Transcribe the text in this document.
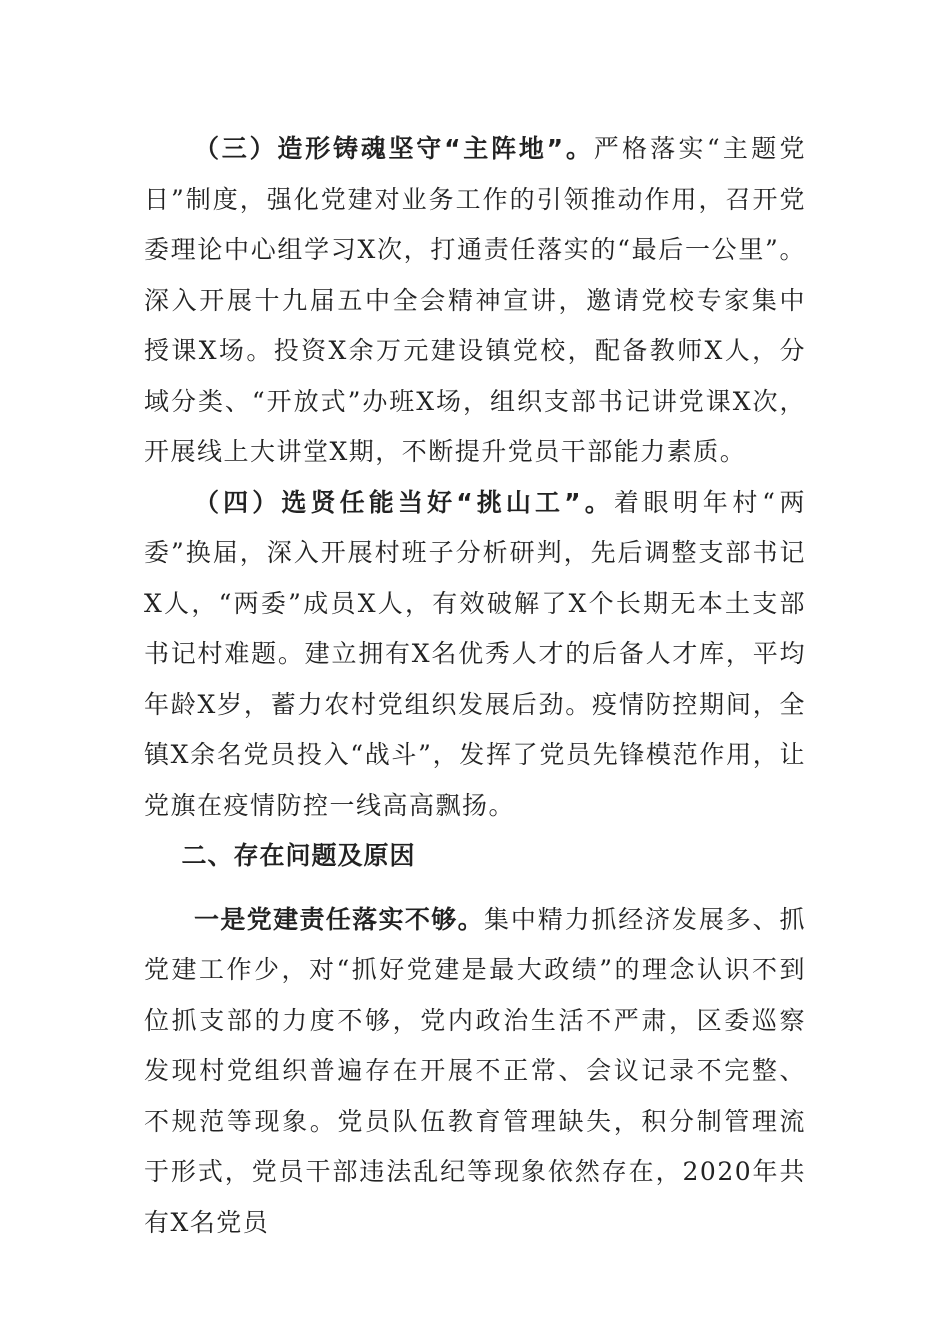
（三）造形铸魂坚守“主阵地”。严格落实“主题党日”制度，强化党建对业务工作的引领推动作用，召开党委理论中心组学习X次，打通责任落实的“最后一公里”。深入开展十九届五中全会精神宣讲，邀请党校专家集中授课X场。投资X余万元建设镇党校，配备教师X人，分域分类、“开放式”办班X场，组织支部书记讲党课X次，开展线上大讲堂X期，不断提升党员干部能力素质。

（四）选贤任能当好“挑山工”。着眼明年村“两委”换届，深入开展村班子分析研判，先后调整支部书记X人，“两委”成员X人，有效破解了X个长期无本土支部书记村难题。建立拥有X名优秀人才的后备人才库，平均年龄X岁，蓄力农村党组织发展后劲。疫情防控期间，全镇X余名党员投入“战斗”，发挥了党员先锋模范作用，让党旗在疫情防控一线高高飘扬。

二、存在问题及原因

一是党建责任落实不够。集中精力抓经济发展多、抓党建工作少，对“抓好党建是最大政绩”的理念认识不到位抓支部的力度不够，党内政治生活不严肃，区委巡察发现村党组织普遍存在开展不正常、会议记录不完整、不规范等现象。党员队伍教育管理缺失，积分制管理流于形式，党员干部违法乱纪等现象依然存在，2020年共有X名党员
